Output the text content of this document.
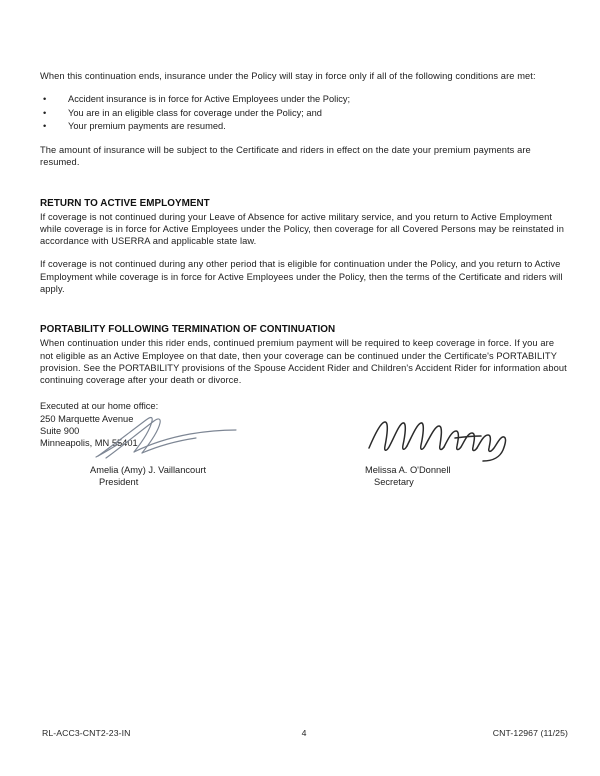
When this continuation ends, insurance under the Policy will stay in force only if all of the following conditions are met:

• Accident insurance is in force for Active Employees under the Policy;
• You are in an eligible class for coverage under the Policy; and
• Your premium payments are resumed.

The amount of insurance will be subject to the Certificate and riders in effect on the date your premium payments are resumed.

RETURN TO ACTIVE EMPLOYMENT

If coverage is not continued during your Leave of Absence for active military service, and you return to Active Employment while coverage is in force for Active Employees under the Policy, then coverage for all Covered Persons may be reinstated in accordance with USERRA and applicable state law.

If coverage is not continued during any other period that is eligible for continuation under the Policy, and you return to Active Employment while coverage is in force for Active Employees under the Policy, then the terms of the Certificate and riders will apply.

PORTABILITY FOLLOWING TERMINATION OF CONTINUATION

When continuation under this rider ends, continued premium payment will be required to keep coverage in force. If you are not eligible as an Active Employee on that date, then your coverage can be continued under the Certificate's PORTABILITY provision. See the PORTABILITY provisions of the Spouse Accident Rider and Children's Accident Rider for information about continuing coverage after your death or divorce.

Executed at our home office:
250 Marquette Avenue
Suite 900
Minneapolis, MN 55401
Amelia (Amy) J. Vaillancourt
President
Melissa A. O'Donnell
Secretary
RL-ACC3-CNT2-23-IN	4	CNT-12967 (11/25)
